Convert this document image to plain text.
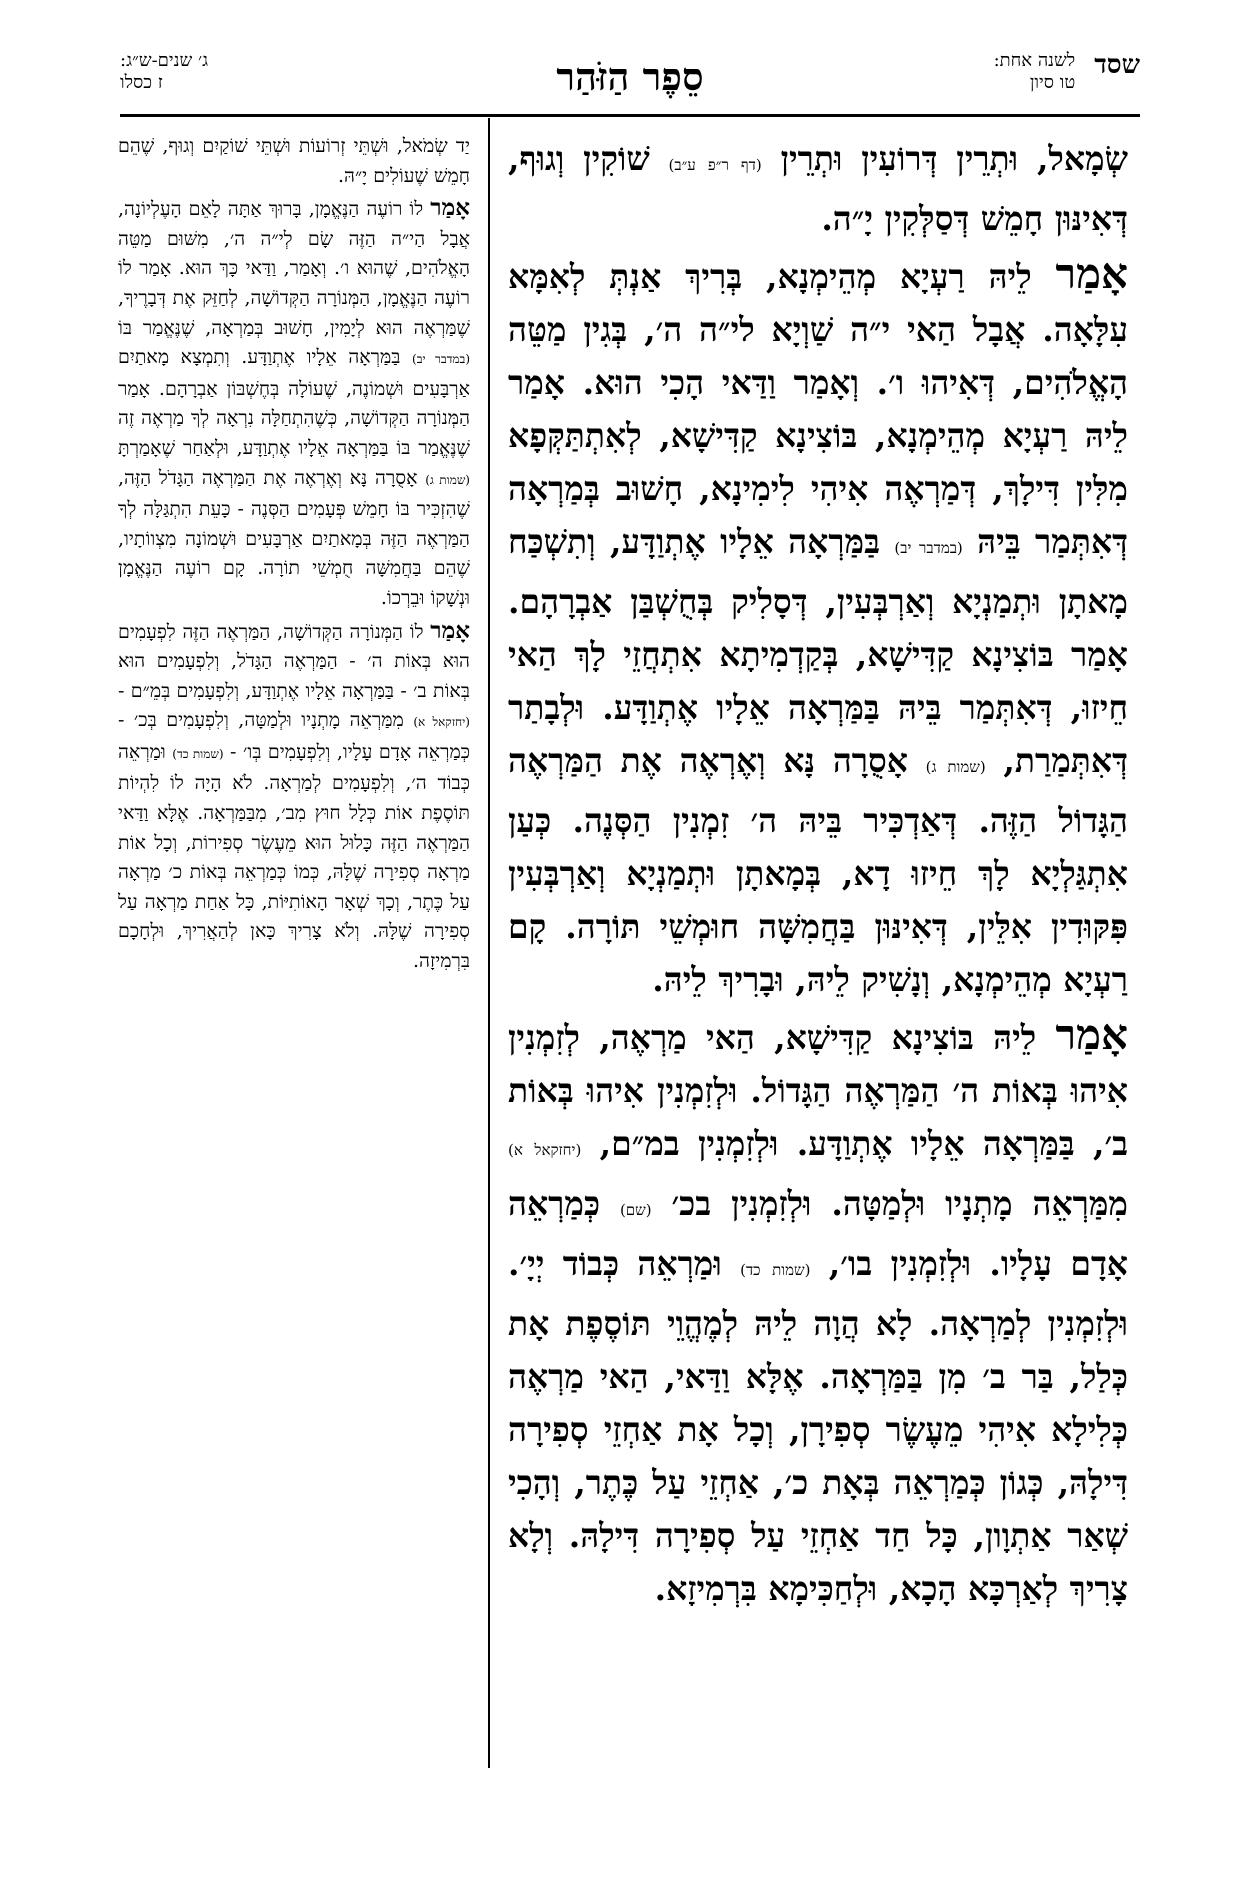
שסד לשנה אחת:
טו סיון
סֵפֶר הַזֹּהַר
ג׳ שנים-ש״ג:
ז כסלו

שְׂמָאל, וּתְרֵין דְּרוֹעִין וּתְרֵין (דף ר״פ ע״ב) שׁוֹקִין וְגוּף, דְּאִינּוּן חָמֵשׁ דְּסַלְּקִין יָ״ה.

אָמַר לֵיהּ רַעְיָא מְהֵימְנָא, בְּרִיךְ אַנְתְּ לְאִמָּא עִלָּאָה. אֲבָל הַאי י״ה שַׁוְיָא לי״ה ה׳, בְּגִין מַטֵּה הָאֱלֹהִים, דְּאִיהוּ ו׳. וְאָמַר וַדַּאי הָכִי הוּא. אָמַר לֵיהּ רַעְיָא מְהֵימְנָא, בּוֹצִינָא קַדִּישָׁא, לְאִתְתַּקְּפָא מִלִּין דִּילָךְ, דְּמַרְאֶה אִיהִי לִימִינָא, חָשׁוּב בְּמַרְאָה דְּאִתְּמַר בֵּיהּ (במדבר יב) בַּמַּרְאָה אֵלָיו אֶתְוַדָּע, וְתִשְׁכַּח מָאתָן וּתְמַנְיָא וְאַרְבְּעִין, דְּסָלִיק בְּחֻשְׁבַּן אַבְרָהָם. אָמַר בּוֹצִינָא קַדִּישָׁא, בְּקַדְמִיתָא אִתְחֲזֵי לָךְ הַאי חֵיזוּ, דְּאִתְּמַר בֵּיהּ בַּמַּרְאָה אֵלָיו אֶתְוַדָּע. וּלְבָתַר דְּאִתְּמַרַת, (שמות ג) אָסֻרָה נָּא וְאֶרְאֶה אֶת הַמַּרְאֶה הַגָּדוֹל הַזֶּה. דְּאַדְכִּיר בֵּיהּ ה׳ זִמְנִין הַסְּנֶה. כְּעַן אִתְגַּלְיָא לָךְ חֵיזוּ דָא, בְּמָאתָן וּתְמַנְיָא וְאַרְבְּעִין פִּקּוּדִין אִלֵּין, דְּאִינּוּן בַּחֲמִשָּׁה חוּמְשֵׁי תּוֹרָה. קָם רַעְיָא מְהֵימְנָא, וְנָשִׁיק לֵיהּ, וּבָרִיךְ לֵיהּ.

אָמַר לֵיהּ בּוֹצִינָא קַדִּישָׁא, הַאי מַרְאֶה, לְזִמְנִין אִיהוּ בְּאוֹת ה׳ הַמַּרְאֶה הַגָּדוֹל. וּלְזִמְנִין אִיהוּ בְּאוֹת ב׳, בַּמַּרְאָה אֵלָיו אֶתְוַדָּע. וּלְזִמְנִין במ״ם, (יחזקאל א) מִמַּרְאֵה מָתְנָיו וּלְמַטָּה. וּלְזִמְנִין בכ׳ (שם) כְּמַרְאֵה אָדָם עָלָיו. וּלְזִמְנִין בו׳, (שמות כד) וּמַרְאֵה כְּבוֹד יְיָ׳. וּלְזִמְנִין לְמַרְאָה. לָא הֲוָה לֵיהּ לְמֶהֱוֵי תּוֹסֶפֶת אָת כְּלַל, בַּר ב׳ מִן בַּמַּרְאָה. אֶלָּא וַדַּאי, הַאי מַרְאֶה כְּלִילָא אִיהִי מֵעֶשֶׂר סְפִירָן, וְכָל אָת אַחְזֵי סְפִירָה דִּילָהּ, כְּגוֹן כְּמַרְאֵה בְּאָת כ׳, אַחְזֵי עַל כֶּתֶר, וְהָכִי שְׁאַר אַתְוָון, כָּל חַד אַחְזֵי עַל סְפִירָה דִּילָהּ. וְלָא צָרִיךְ לְאַרְכָּא הָכָא, וּלְחַכִּימָא בִּרְמִיזָא.

יַד שְׂמֹאל, וּשְׁתֵּי זְרוֹעוֹת וּשְׁתֵּי שׁוֹקַיִם וְגוּף, שֶׁהֵם חָמֵשׁ שֶׁעוֹלִים יָ״הּ.

אָמַר לוֹ רוֹעֶה הַנֶּאֱמָן, בָּרוּךְ אַתָּה לָאֵם הָעֶלְיוֹנָה, אֲבָל הַי״ה הַזֶּה שָׂם לְי״ה ה׳, מִשּׁוּם מַטֵּה הָאֱלֹהִים, שֶׁהוּא ו׳. וְאָמַר, וַדַּאי כָּךְ הוּא. אָמַר לוֹ רוֹעֶה הַנֶּאֱמָן, הַמְּנוֹרָה הַקְּדוֹשָׁה, לְחַזֵּק אֶת דְּבָרֶיךָ, שֶׁמַּרְאֶה הוּא לְיָמִין, חָשׁוּב בְּמַרְאָה, שֶׁנֶּאֱמַר בּוֹ (במדבר יב) בַּמַּרְאָה אֵלָיו אֶתְוַדָּע. וְתִמְצָא מָאתַיִם אַרְבָּעִים וּשְׁמוֹנֶה, שֶׁעוֹלָה בְּחֶשְׁבּוֹן אַבְרָהָם. אָמַר הַמְּנוֹרָה הַקְּדוֹשָׁה, כְּשֶׁהִתְחַלָּה נִרְאָה לְךָ מַרְאֶה זֶה שֶׁנֶּאֱמַר בּוֹ בַּמַּרְאָה אֵלָיו אֶתְוַדָּע, וּלְאַחַר שֶׁאָמַרְתָּ (שמות ג) אָסֻרָה נָּא וְאֶרְאֶה אֶת הַמַּרְאֶה הַגָּדֹל הַזֶּה, שֶׁהִזְכִּיר בּוֹ חָמֵשׁ פְּעָמִים הַסְּנֶה - כָּעֵת הִתְגַּלָּה לְךָ הַמַּרְאֶה הַזֶּה בְּמָאתַיִם אַרְבָּעִים וּשְׁמוֹנָה מִצְווֹתָיו, שֶׁהֵם בַּחֲמִשָּׁה חֻמְשֵׁי תוֹרָה. קָם רוֹעֶה הַנֶּאֱמָן וּנְשָׁקוֹ וּבֵרְכוֹ.

אָמַר לוֹ הַמְּנוֹרָה הַקְּדוֹשָׁה, הַמַּרְאֶה הַזֶּה לִפְעָמִים הוּא בְּאוֹת ה׳ - הַמַּרְאֶה הַגָּדֹל, וְלִפְעָמִים הוּא בְּאוֹת ב׳ - בַּמַּרְאָה אֵלָיו אֶתְוַדָּע, וְלִפְעָמִים בְּמֵ״ם - (יחזקאל א) מִמַּרְאֵה מָתְנָיו וּלְמַטָּה, וְלִפְעָמִים בְּכ׳ - כְּמַרְאֵה אָדָם עָלָיו, וְלִפְעָמִים בְּו׳ - (שמות כד) וּמַרְאֵה כְּבוֹד ה׳, וְלִפְעָמִים לְמַרְאָה. לֹא הָיָה לוֹ לִהְיוֹת תּוֹסֶפֶת אוֹת כְּלָל חוּץ מִב׳, מִבַּמַּרְאָה. אֶלָּא וַדַּאי הַמַּרְאֶה הַזֶּה כָּלוּל הוּא מֵעֶשֶׂר סְפִירוֹת, וְכָל אוֹת מַרְאָה סְפִירָה שֶׁלָּהּ, כְּמוֹ כְּמַרְאֵה בְּאוֹת כ׳ מַרְאָה עַל כֶּתֶר, וְכָךְ שְׁאָר הָאוֹתִיּוֹת, כָּל אַחַת מַרְאָה עַל סְפִירָה שֶׁלָּהּ. וְלֹא צָרִיךְ כָּאן לְהַאֲרִיךְ, וּלְחָכָם בִּרְמִיזָה.
